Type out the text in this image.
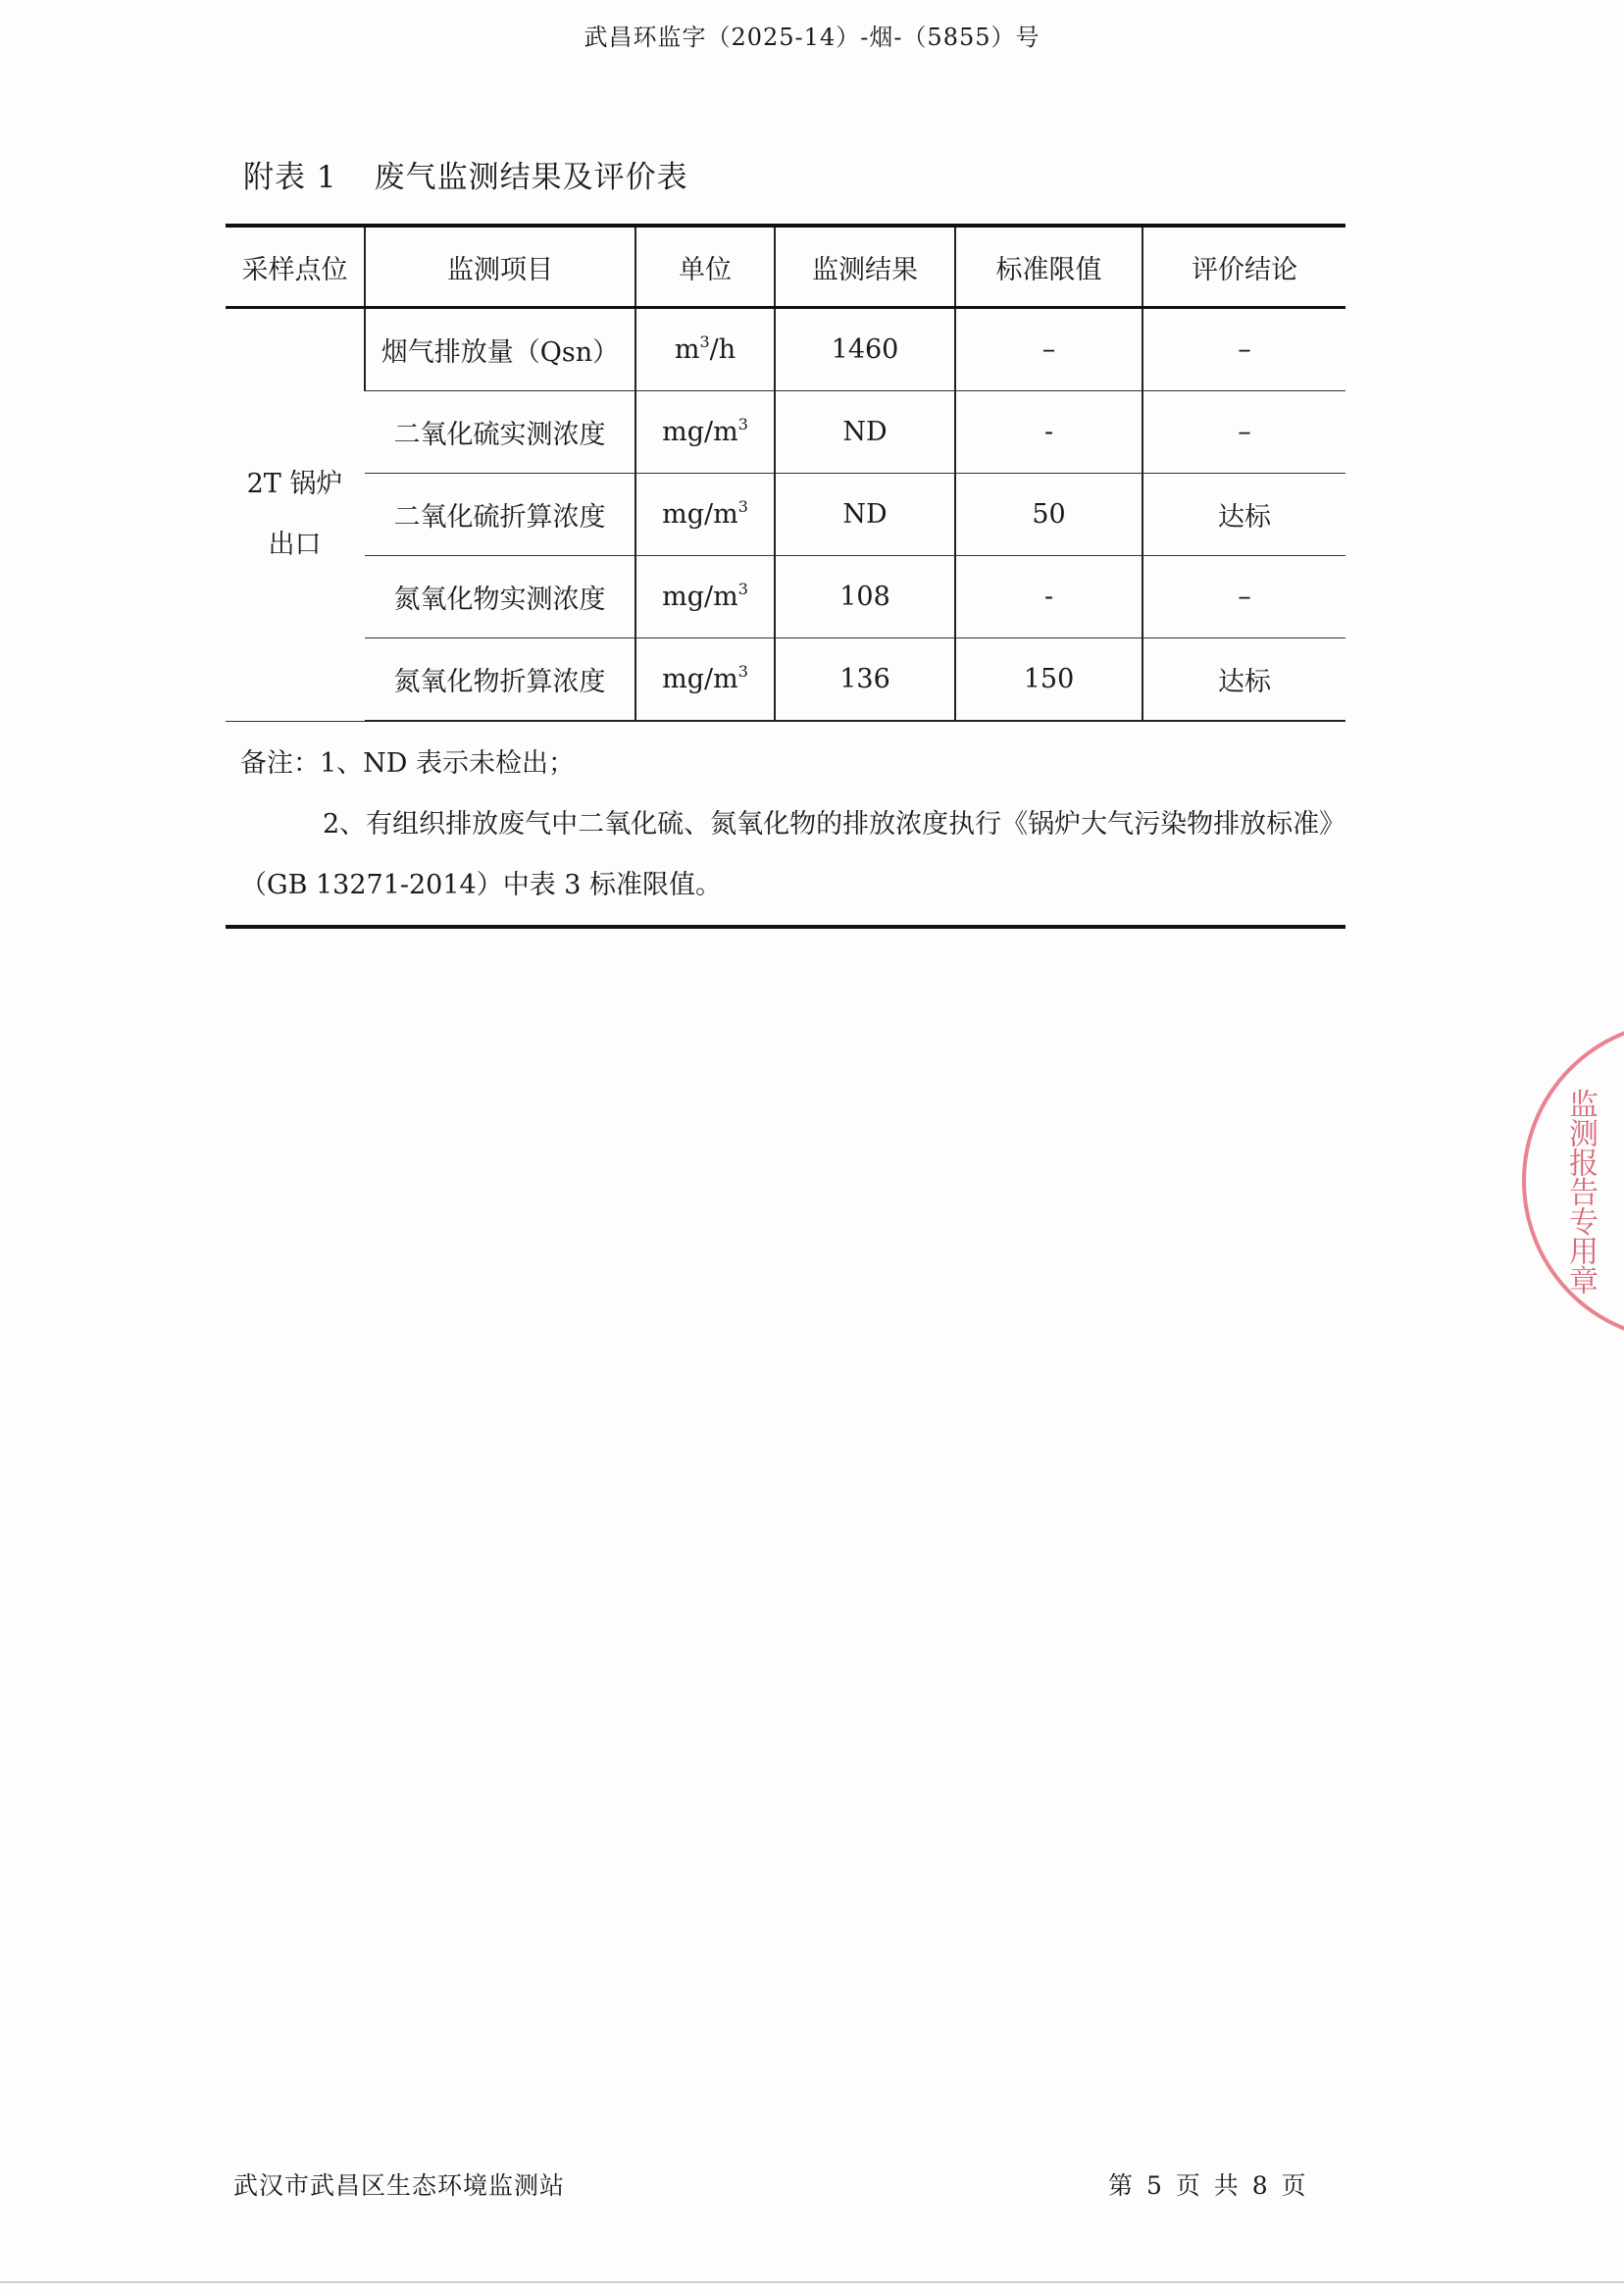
武昌环监字（2025-14）-烟-（5855）号
附表 1 废气监测结果及评价表
采样点位	监测项目	单位	监测结果	标准限值	评价结论

2T 锅炉
出口	烟气排放量（Qsn）	$m^3/h$	1460	–	–
	二氧化硫实测浓度	$mg/m^3$	ND	-	–
	二氧化硫折算浓度	$mg/m^3$	ND	50	达标
	氮氧化物实测浓度	$mg/m^3$	108	-	–
	氮氧化物折算浓度	$mg/m^3$	136	150	达标

备注：1、ND 表示未检出；

2、有组织排放废气中二氧化硫、氮氧化物的排放浓度执行《锅炉大气污染物排放标准》（GB 13271-2014）中表 3 标准限值。

监测报告专用章
武汉市武昌区生态环境监测站	第 5 页 共 8 页
